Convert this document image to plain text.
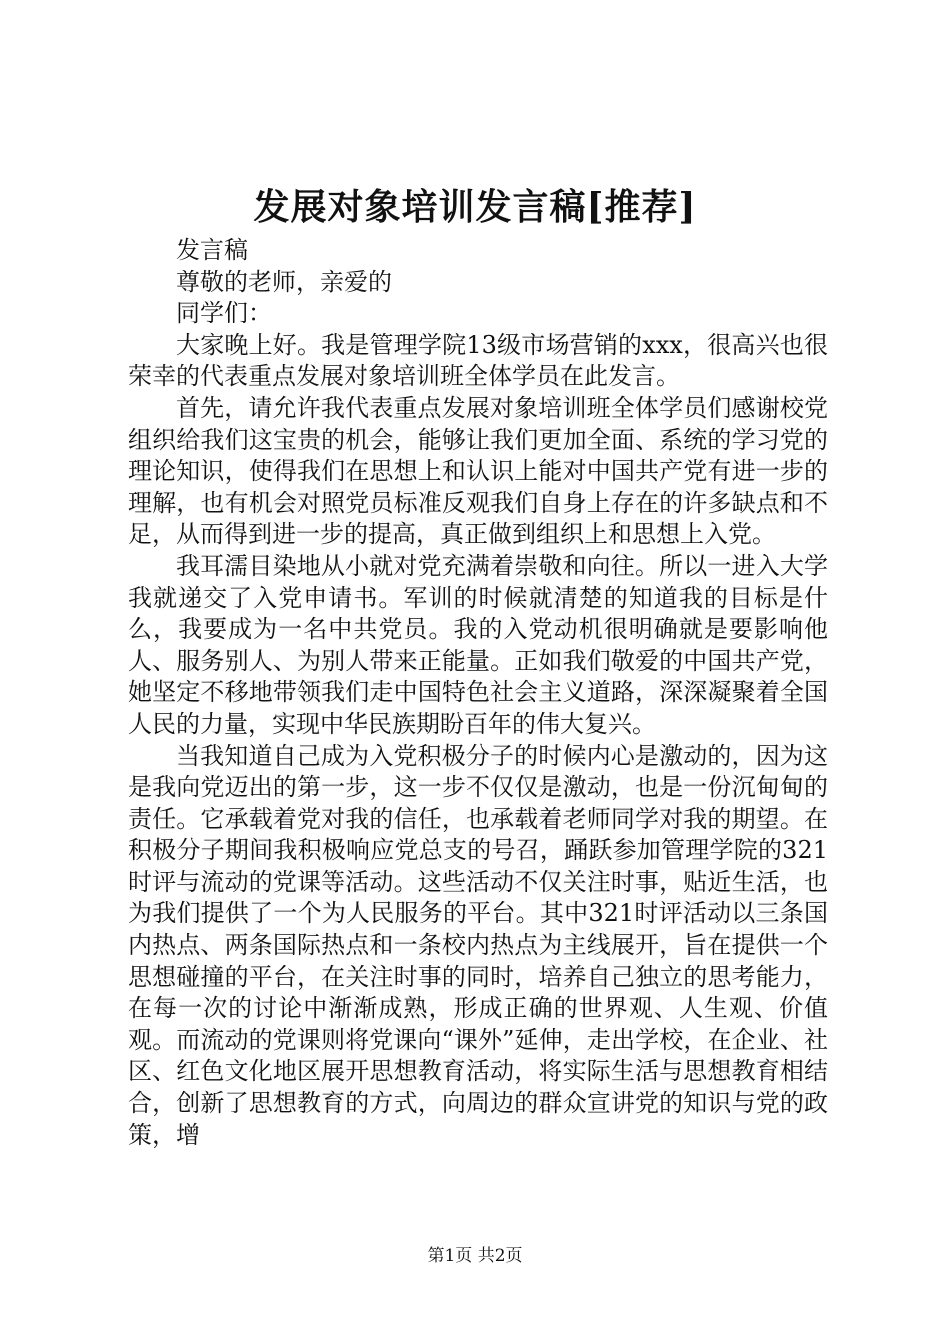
发展对象培训发言稿[推荐]

发言稿

尊敬的老师，亲爱的

同学们：

大家晚上好。我是管理学院13级市场营销的xxx，很高兴也很荣幸的代表重点发展对象培训班全体学员在此发言。

首先，请允许我代表重点发展对象培训班全体学员们感谢校党组织给我们这宝贵的机会，能够让我们更加全面、系统的学习党的理论知识，使得我们在思想上和认识上能对中国共产党有进一步的理解，也有机会对照党员标准反观我们自身上存在的许多缺点和不足，从而得到进一步的提高，真正做到组织上和思想上入党。

我耳濡目染地从小就对党充满着崇敬和向往。所以一进入大学我就递交了入党申请书。军训的时候就清楚的知道我的目标是什么，我要成为一名中共党员。我的入党动机很明确就是要影响他人、服务别人、为别人带来正能量。正如我们敬爱的中国共产党，她坚定不移地带领我们走中国特色社会主义道路，深深凝聚着全国人民的力量，实现中华民族期盼百年的伟大复兴。

当我知道自己成为入党积极分子的时候内心是激动的，因为这是我向党迈出的第一步，这一步不仅仅是激动，也是一份沉甸甸的责任。它承载着党对我的信任，也承载着老师同学对我的期望。在积极分子期间我积极响应党总支的号召，踊跃参加管理学院的321时评与流动的党课等活动。这些活动不仅关注时事，贴近生活，也为我们提供了一个为人民服务的平台。其中321时评活动以三条国内热点、两条国际热点和一条校内热点为主线展开，旨在提供一个思想碰撞的平台，在关注时事的同时，培养自己独立的思考能力，在每一次的讨论中渐渐成熟，形成正确的世界观、人生观、价值观。而流动的党课则将党课向“课外”延伸，走出学校，在企业、社区、红色文化地区展开思想教育活动，将实际生活与思想教育相结合，创新了思想教育的方式，向周边的群众宣讲党的知识与党的政策，增

第1页 共2页
